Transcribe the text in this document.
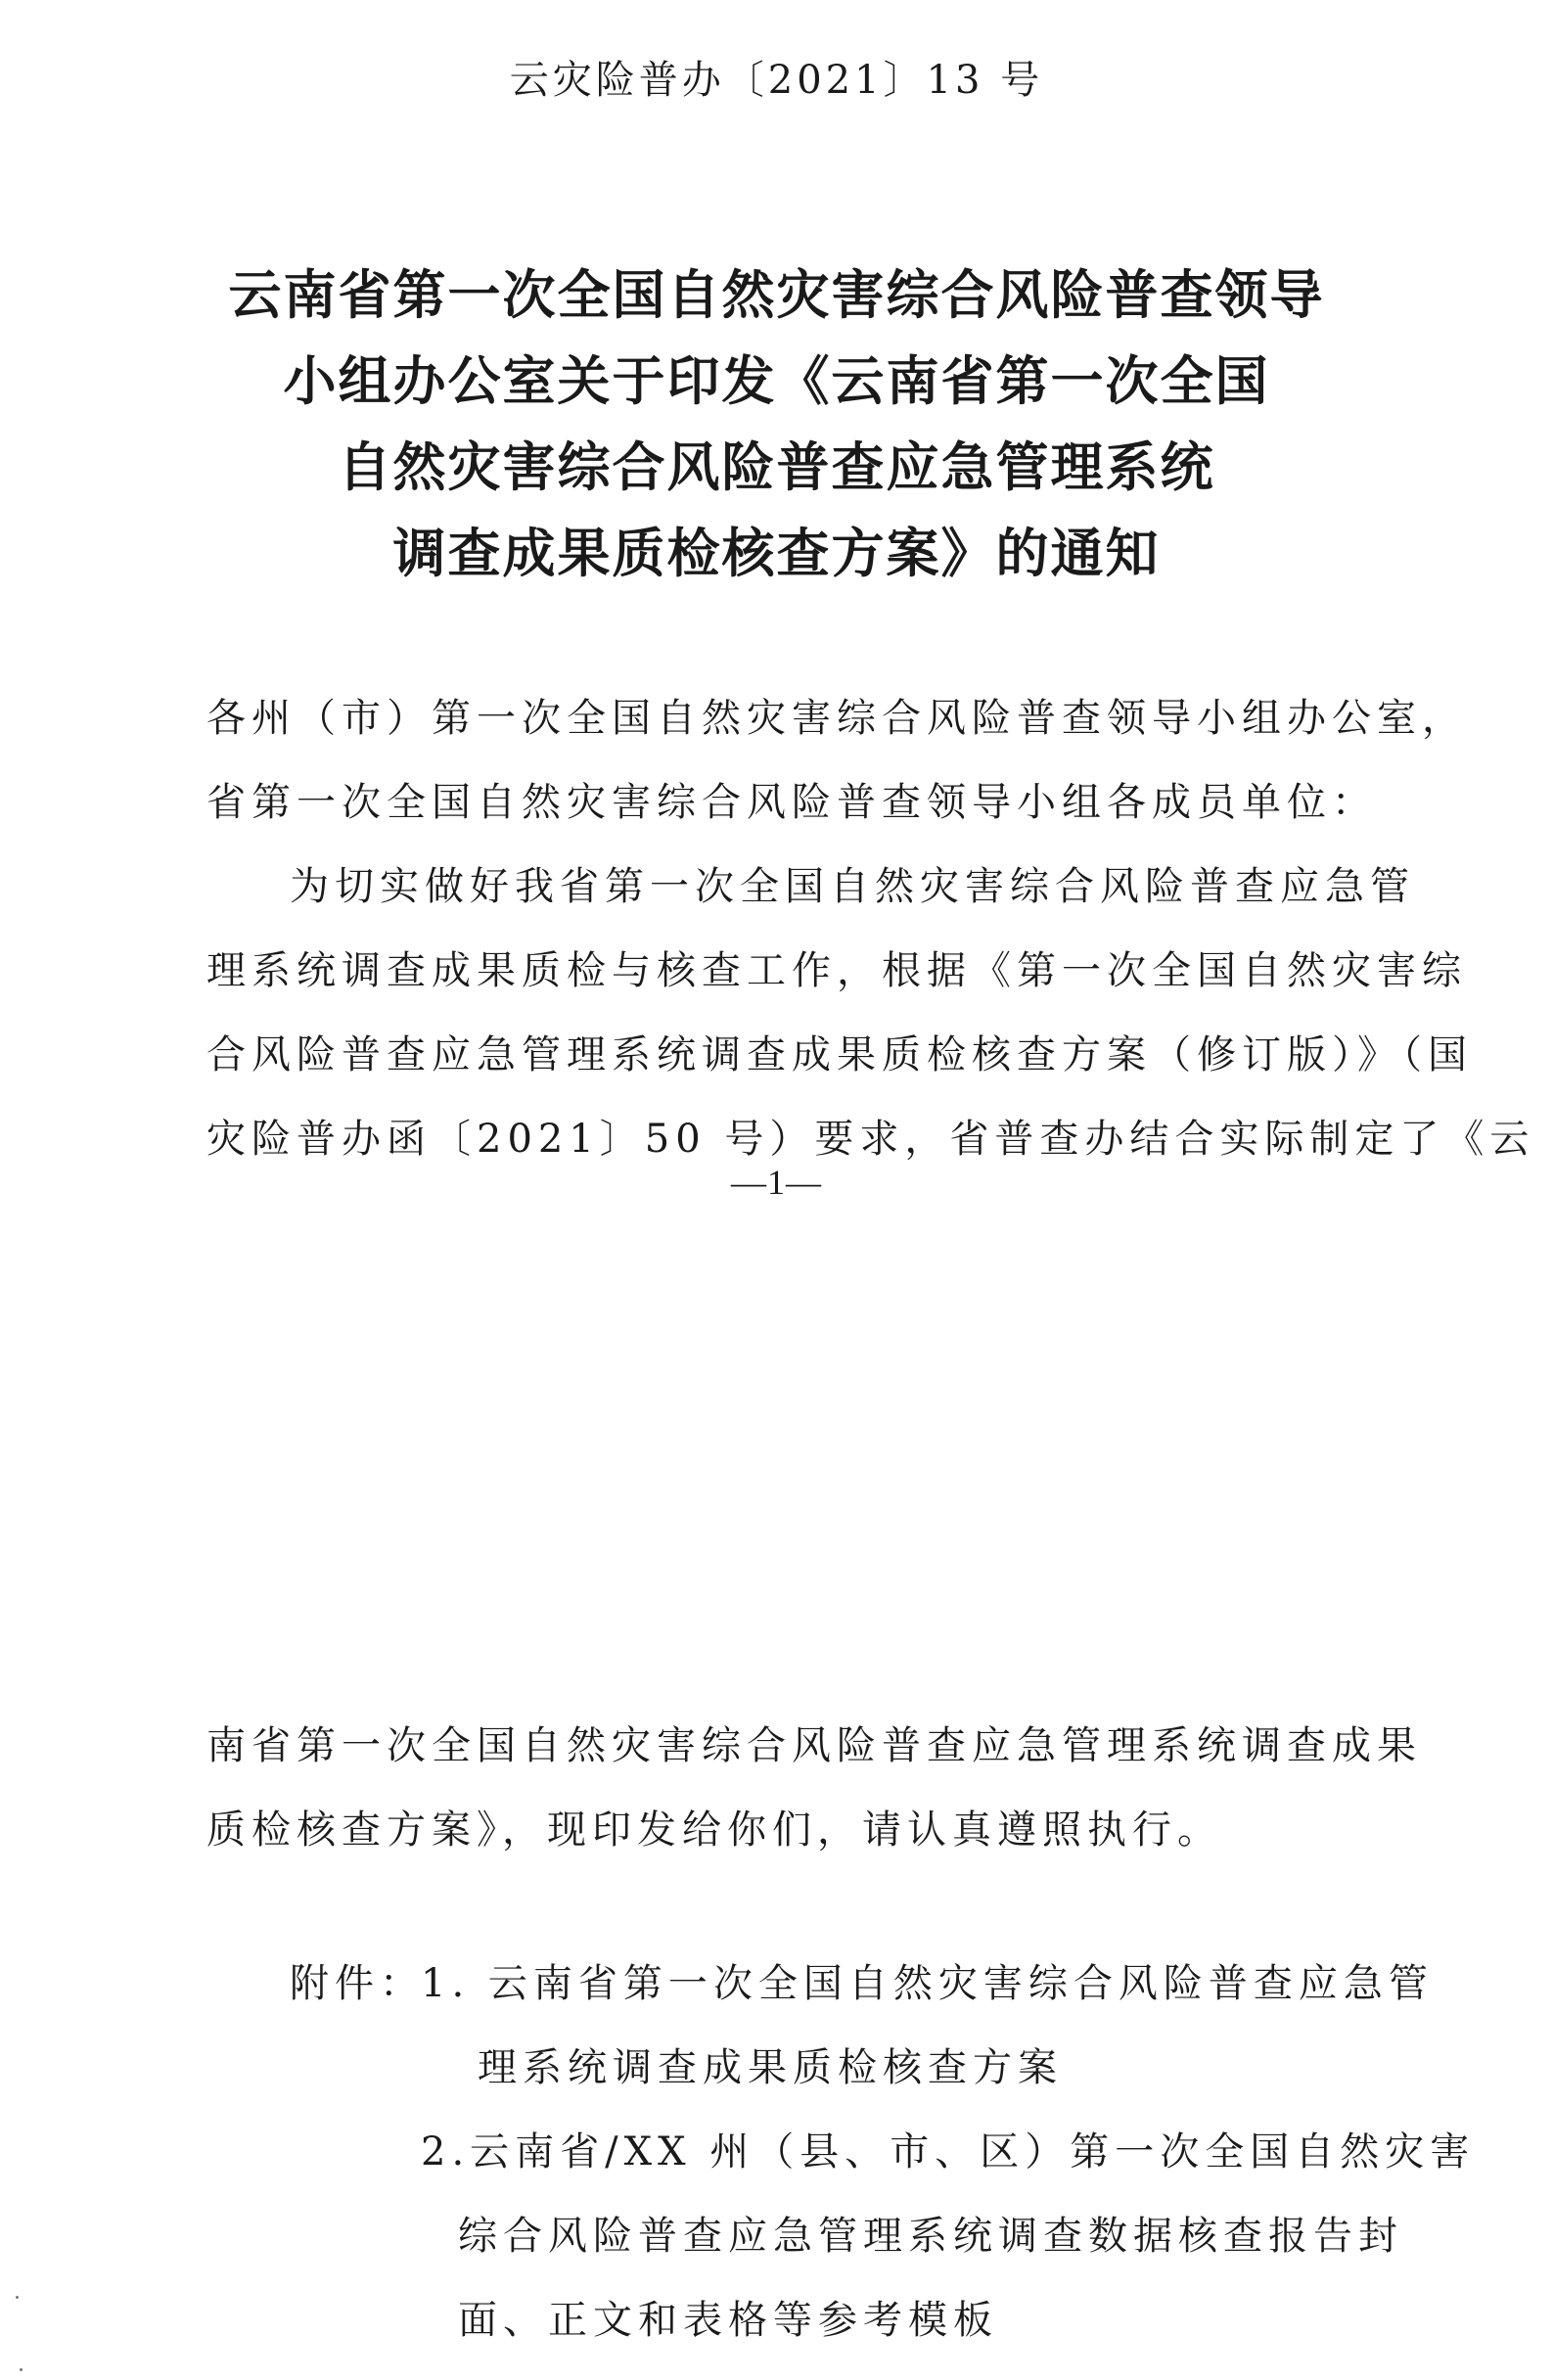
云灾险普办〔2021〕13 号
云南省第一次全国自然灾害综合风险普查领导
小组办公室关于印发《云南省第一次全国
自然灾害综合风险普查应急管理系统
调查成果质检核查方案》的通知
各州（市）第一次全国自然灾害综合风险普查领导小组办公室，
省第一次全国自然灾害综合风险普查领导小组各成员单位：
为切实做好我省第一次全国自然灾害综合风险普查应急管
理系统调查成果质检与核查工作，根据《第一次全国自然灾害综
合风险普查应急管理系统调查成果质检核查方案（修订版）》（国
灾险普办函〔2021〕50 号）要求，省普查办结合实际制定了《云
—1—
南省第一次全国自然灾害综合风险普查应急管理系统调查成果
质检核查方案》，现印发给你们，请认真遵照执行。
附件：
1. 云南省第一次全国自然灾害综合风险普查应急管
理系统调查成果质检核查方案
2.云南省/XX 州（县、市、区）第一次全国自然灾害
综合风险普查应急管理系统调查数据核查报告封
面、正文和表格等参考模板
